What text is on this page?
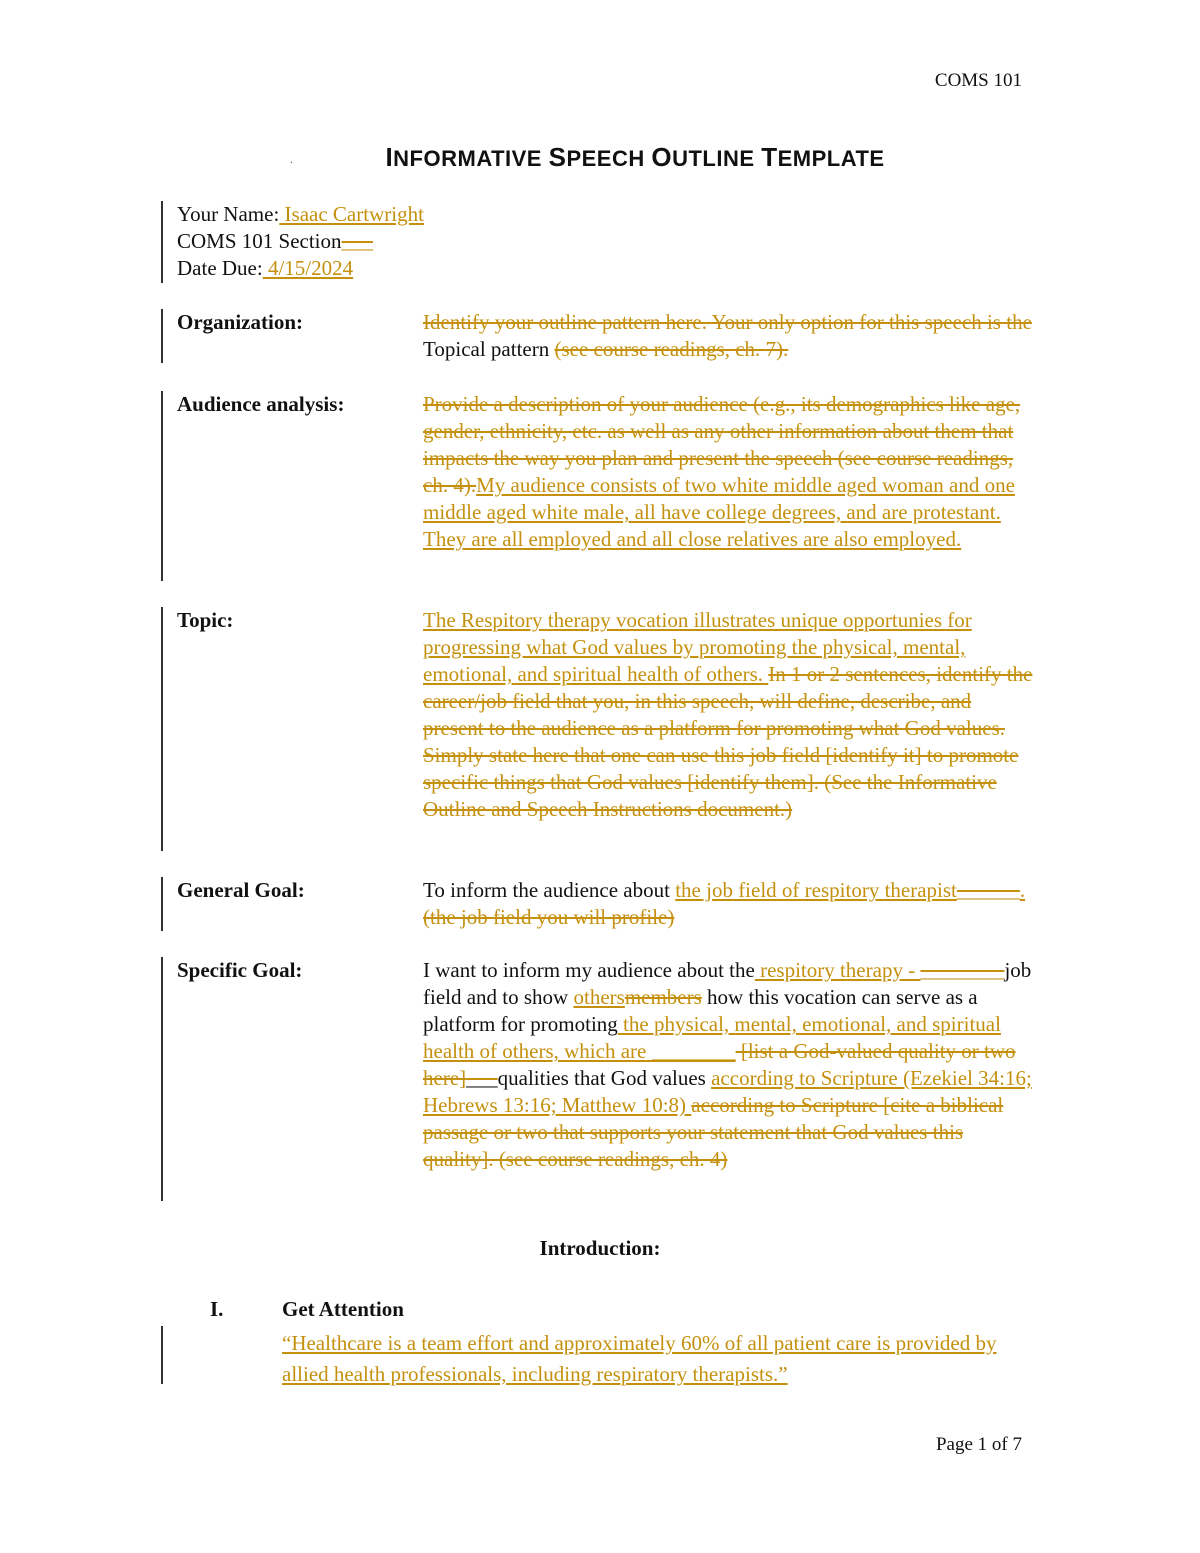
COMS 101
.	INFORMATIVE SPEECH OUTLINE TEMPLATE
Your Name: Isaac Cartwright
COMS 101 Section___
Date Due: 4/15/2024
Organization:	Identify your outline pattern here. Your only option for this speech is the Topical pattern (see course readings, ch. 7).
Audience analysis:	Provide a description of your audience (e.g., its demographics like age, gender, ethnicity, etc. as well as any other information about them that impacts the way you plan and present the speech (see course readings, ch. 4).My audience consists of two white middle aged woman and one middle aged white male, all have college degrees, and are protestant. They are all employed and all close relatives are also employed.
Topic:	The Respitory therapy vocation illustrates unique opportunies for progressing what God values by promoting the physical, mental, emotional, and spiritual health of others. In 1 or 2 sentences, identify the career/job field that you, in this speech, will define, describe, and present to the audience as a platform for promoting what God values. Simply state here that one can use this job field [identify it] to promote specific things that God values [identify them]. (See the Informative Outline and Speech Instructions document.)
General Goal:	To inform the audience about the job field of respitory therapist______. (the job field you will profile)
Specific Goal:	I want to inform my audience about the respitory therapy - ________job field and to show othersmembers how this vocation can serve as a platform for promoting the physical, mental, emotional, and spiritual health of others, which are ________ [list a God-valued quality or two here]___qualities that God values according to Scripture (Ezekiel 34:16; Hebrews 13:16; Matthew 10:8) according to Scripture [cite a biblical passage or two that supports your statement that God values this quality]. (see course readings, ch. 4)
Introduction:
I.	Get Attention
“Healthcare is a team effort and approximately 60% of all patient care is provided by allied health professionals, including respiratory therapists.”
Page 1 of 7
